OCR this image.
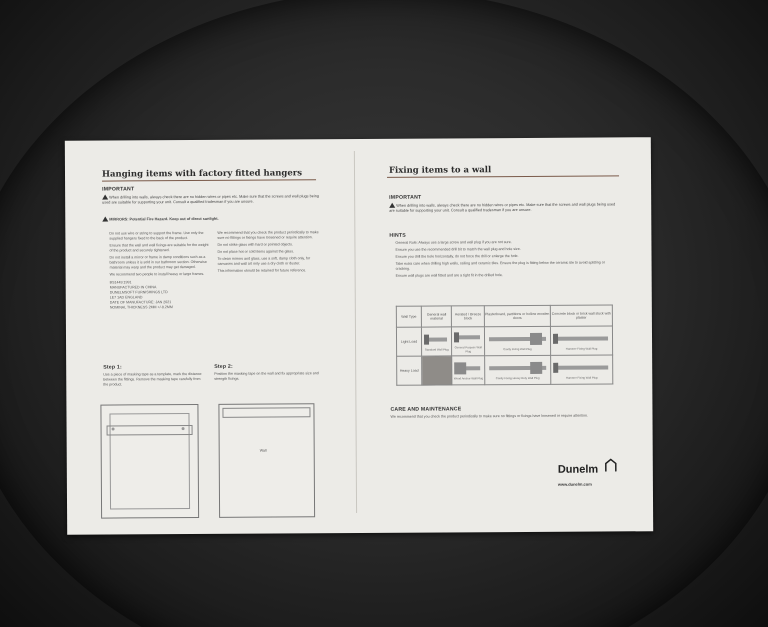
Hanging items with factory fitted hangers
IMPORTANT
When drilling into walls, always check there are no hidden wires or pipes etc. Make sure that the screws and wall plugs being used are suitable for supporting your unit. Consult a qualified tradesman if you are unsure.
MIRRORS: Potential Fire Hazard. Keep out of direct sunlight.

Do not use wire or string to support the frame. Use only the supplied hangers fixed to the back of the product.

Ensure that the wall and wall fixings are suitable for the weight of the product and securely tightened.

Do not install a mirror or frame in damp conditions such as a bathroom unless it is sold in our bathroom section. Otherwise material may warp and the product may get damaged.

We recommend two people to install heavy or large frames.

BS1449:1991
MANUFACTURED IN CHINA
DUNELMSOFT FURNISHINGS LTD
LE7 1AD ENGLAND
DATE OF MANUFACTURE: JAN 2021
NOMINAL THICKNESS 2MM +/-0.2MM

We recommend that you check the product periodically to make sure no fittings or fixings have loosened or require attention.

Do not strike glass with hard or pointed objects.

Do not place hot or cold items against the glass.

To clean mirrors and glass, use a soft, damp cloth only, for canvases and wall art only use a dry cloth or duster.

This information should be retained for future reference.

Step 1:
Use a piece of masking tape as a template, mark the distance between the fittings. Remove the masking tape carefully from the product.
Step 2:
Position the masking tape on the wall and fix appropriate size and strength fixings.
Wall
Fixing items to a wall
IMPORTANT
When drilling into walls, always check there are no hidden wires or pipes etc. Make sure that the screws and wall plugs being used are suitable for supporting your unit. Consult a qualified tradesman if you are unsure.
HINTS

General Rule: Always use a large screw and wall plug if you are not sure.

Ensure you use the recommended drill bit to match the wall plug and hole size.

Ensure you drill the hole horizontally, do not force the drill or enlarge the hole.

Take extra care when drilling high walls, ceiling and ceramic tiles. Ensure the plug is fitting below the ceramic tile to avoid splitting or cracking.

Ensure wall plugs are wall fitted and are a tight fit in the drilled hole.

Wall Type	General wall material	Aerated / Breeze block	Plasterboard, partitions or hollow wooden doors	Concrete block or brick wall stuck with plaster
Light Load	Standard Wall Plug	General Purpose Wall Plug	Cavity Fixing Wall Plug	Hammer Fixing Wall Plug

Heavy Load		Wood Anchor Wall Plug	Cavity Fixing Heavy Duty Wall Plug	Hammer Fixing Wall Plug
CARE AND MAINTENANCE
We recommend that you check the product periodically to make sure no fittings or fixings have loosened or require attention.
Dunelm
www.dunelm.com
